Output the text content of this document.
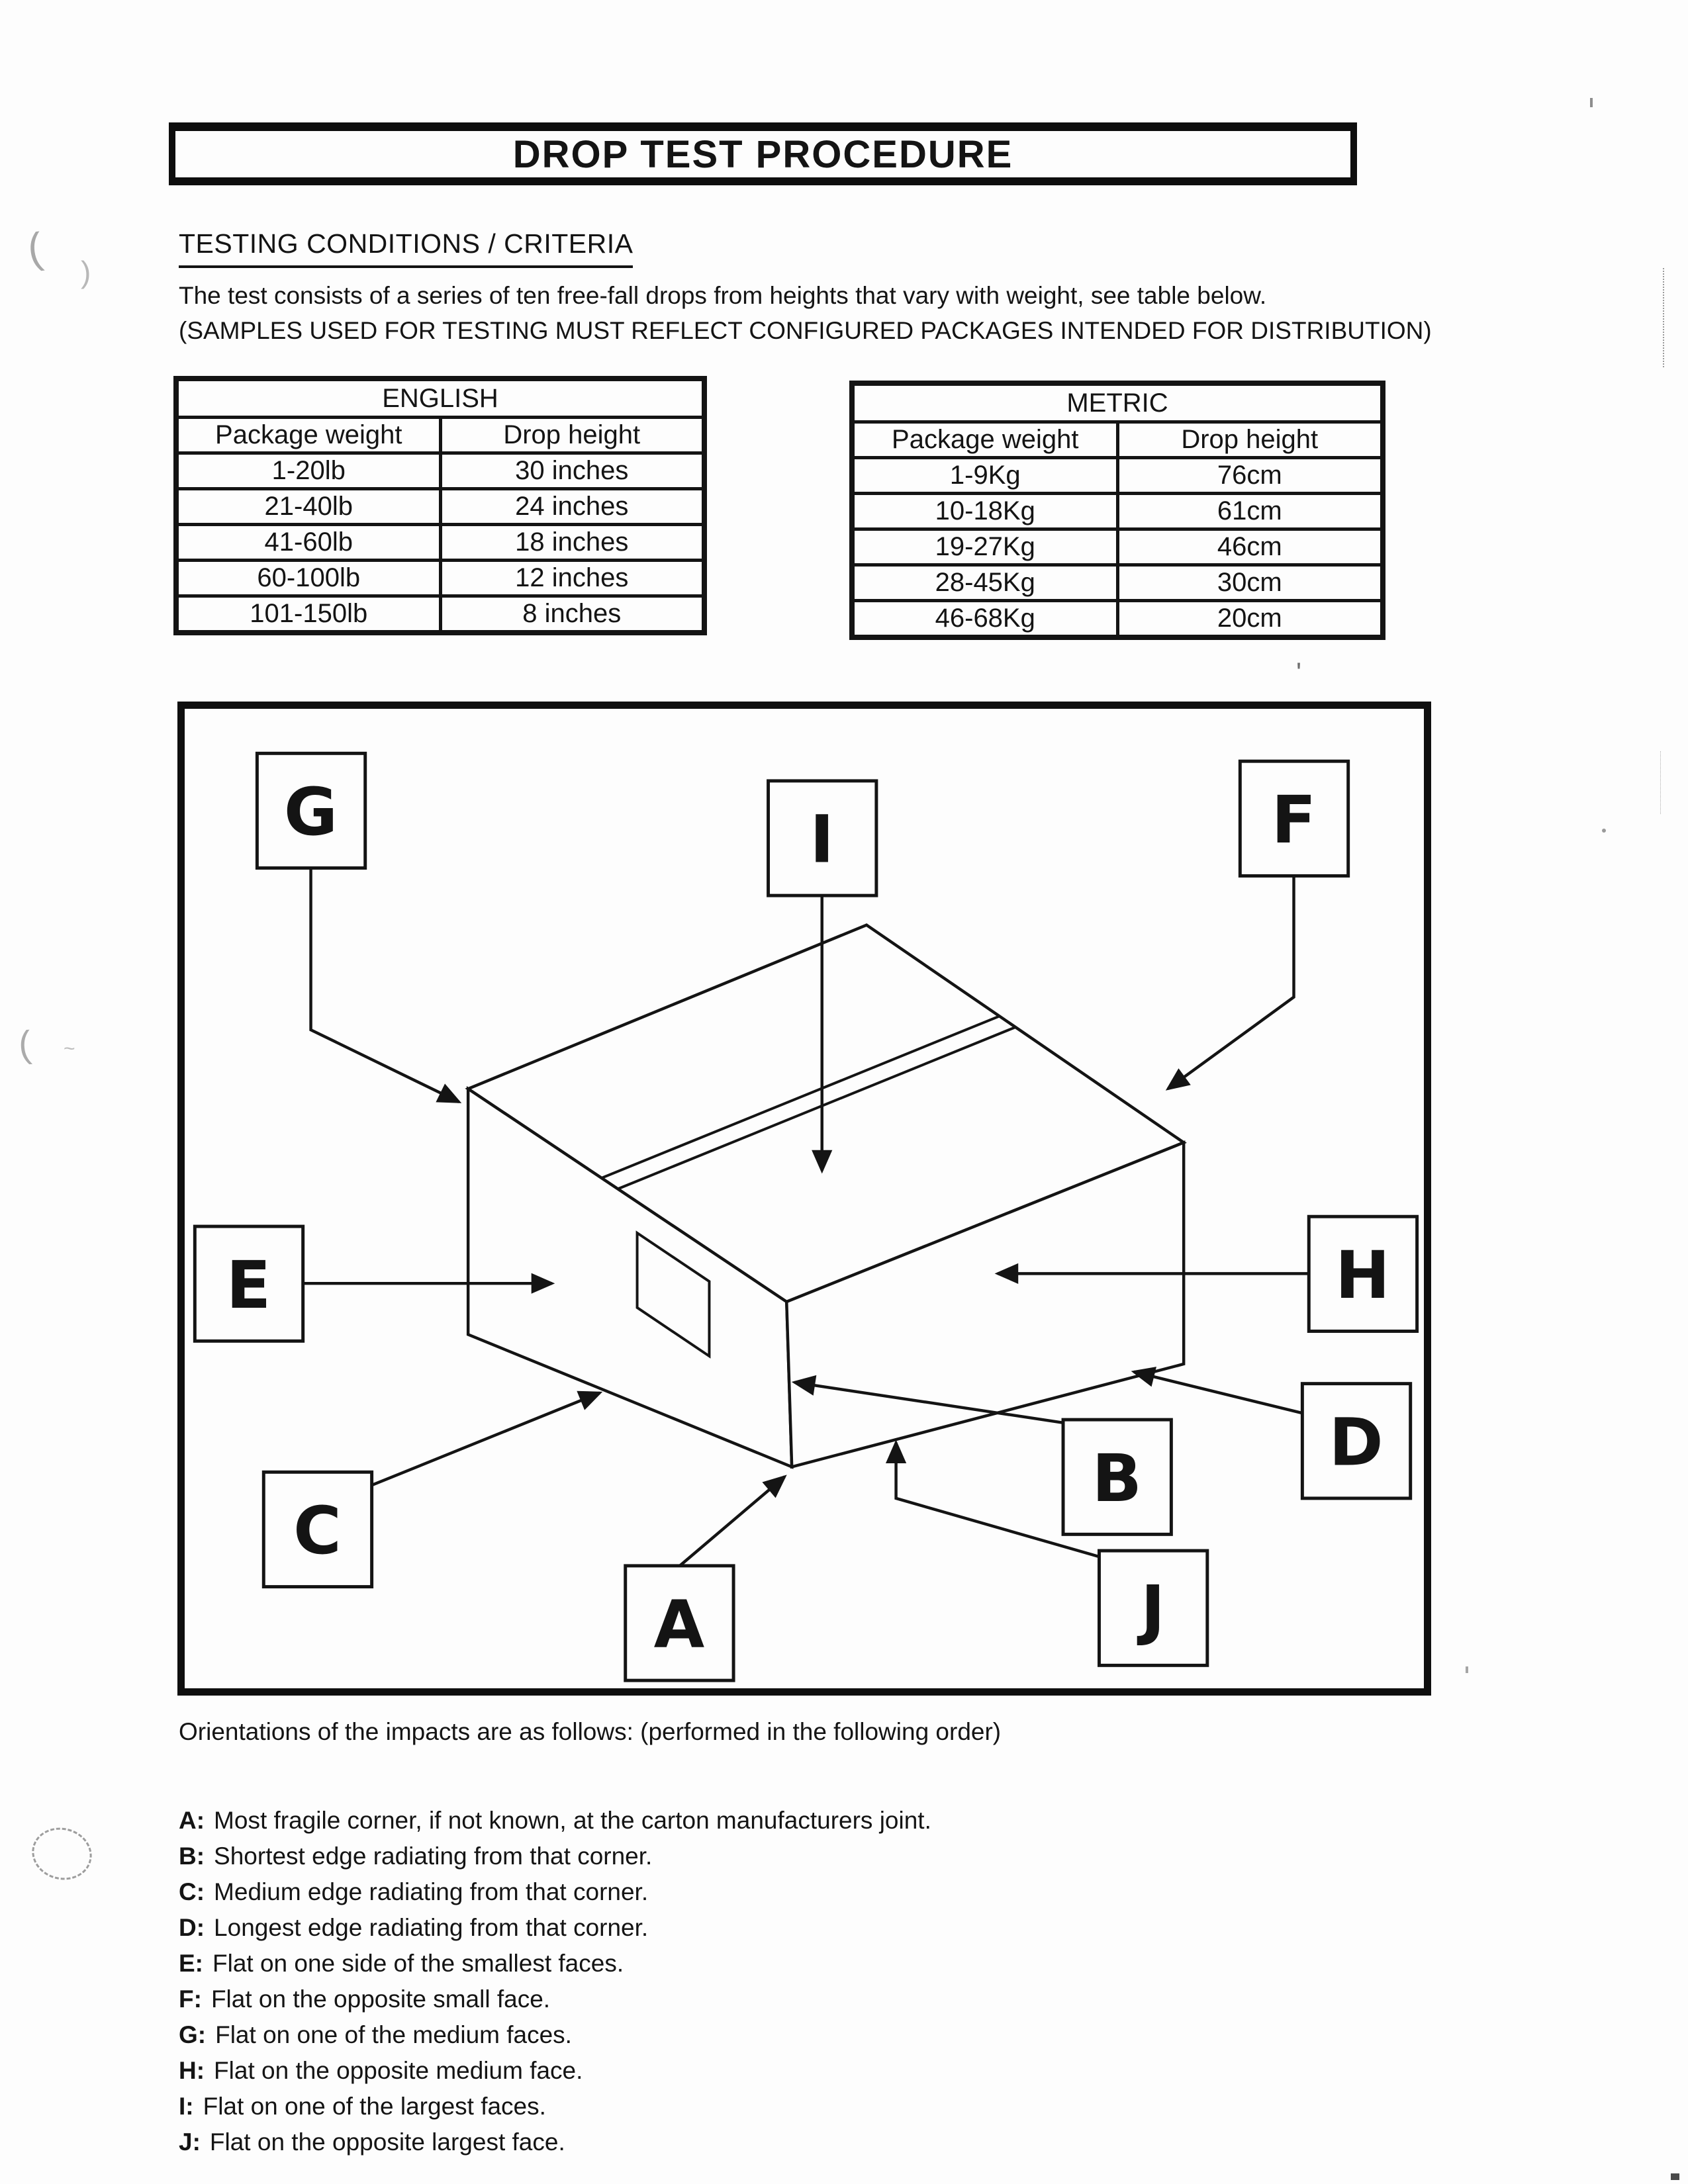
DROP TEST PROCEDURE
TESTING CONDITIONS / CRITERIA
The test consists of a series of ten free-fall drops from heights that vary with weight, see table below.
(SAMPLES USED FOR TESTING MUST REFLECT CONFIGURED PACKAGES INTENDED FOR DISTRIBUTION)
ENGLISH	
Package weight	Drop height
1-20lb	30 inches
21-40lb	24 inches
41-60lb	18 inches
60-100lb	12 inches
101-150lb	8 inches
METRIC	
Package weight	Drop height
1-9Kg	76cm
10-18Kg	61cm
19-27Kg	46cm
28-45Kg	30cm
46-68Kg	20cm
G	I	F
E	H
C
A
B
J
D
Orientations of the impacts are as follows: (performed in the following order)
A: Most fragile corner, if not known, at the carton manufacturers joint.
B: Shortest edge radiating from that corner.
C: Medium edge radiating from that corner.
D: Longest edge radiating from that corner.
E: Flat on one side of the smallest faces.
F: Flat on the opposite small face.
G: Flat on one of the medium faces.
H: Flat on the opposite medium face.
I: Flat on one of the largest faces.
J: Flat on the opposite largest face.
( )
( ~
'
